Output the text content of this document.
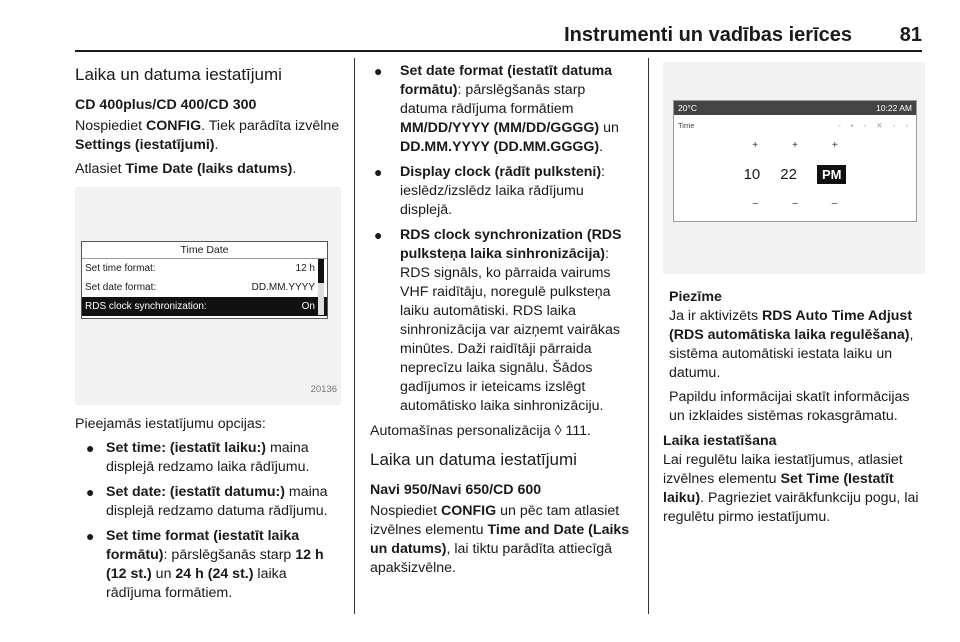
Instrumenti un vadības ierīces 81
Laika un datuma iestatījumi
CD 400plus/CD 400/CD 300

Nospiediet CONFIG. Tiek parādīta izvēlne Settings (iestatījumi).

Atlasiet Time Date (laiks datums).

Time Date
Set time format:	12 h
Set date format:	DD.MM.YYYY
RDS clock synchronization:	On
20136

Pieejamās iestatījumu opcijas:

● Set time: (iestatīt laiku:) maina displejā redzamo laika rādījumu.
● Set date: (iestatīt datumu:) maina displejā redzamo datuma rādījumu.
● Set time format (iestatīt laika formātu): pārslēgšanās starp 12 h (12 st.) un 24 h (24 st.) laika rādījuma formātiem.
● Set date format (iestatīt datuma formātu): pārslēgšanās starp datuma rādījuma formātiem MM/DD/YYYY (MM/DD/GGGG) un DD.MM.YYYY (DD.MM.GGGG).
● Display clock (rādīt pulksteni): ieslēdz/izslēdz laika rādījumu displejā.
● RDS clock synchronization (RDS pulksteņa laika sinhronizācija): RDS signāls, ko pārraida vairums VHF raidītāju, noregulē pulksteņa laiku automātiski. RDS laika sinhronizācija var aizņemt vairākas minūtes. Daži raidītāji pārraida neprecīzu laika signālu. Šādos gadījumos ir ieteicams izslēgt automātisko laika sinhronizāciju.

Automašīnas personalizācija ◊ 111.

Laika un datuma iestatījumi
Navi 950/Navi 650/CD 600

Nospiediet CONFIG un pēc tam atlasiet izvēlnes elementu Time and Date (Laiks un datums), lai tiktu parādīta attiecīgā apakšizvēlne.

20°C	10:22 AM
Time	◦ ▪ ◦ ✕ ◦ ▫
+	+	+
10 22	PM
–	–	–

Piezīme

Ja ir aktivizēts RDS Auto Time Adjust (RDS automātiska laika regulēšana), sistēma automātiski iestata laiku un datumu.

Papildu informācijai skatīt informācijas un izklaides sistēmas rokasgrāmatu.

Laika iestatīšana

Lai regulētu laika iestatījumus, atlasiet izvēlnes elementu Set Time (Iestatīt laiku). Pagrieziet vairākfunkciju pogu, lai regulētu pirmo iestatījumu.
